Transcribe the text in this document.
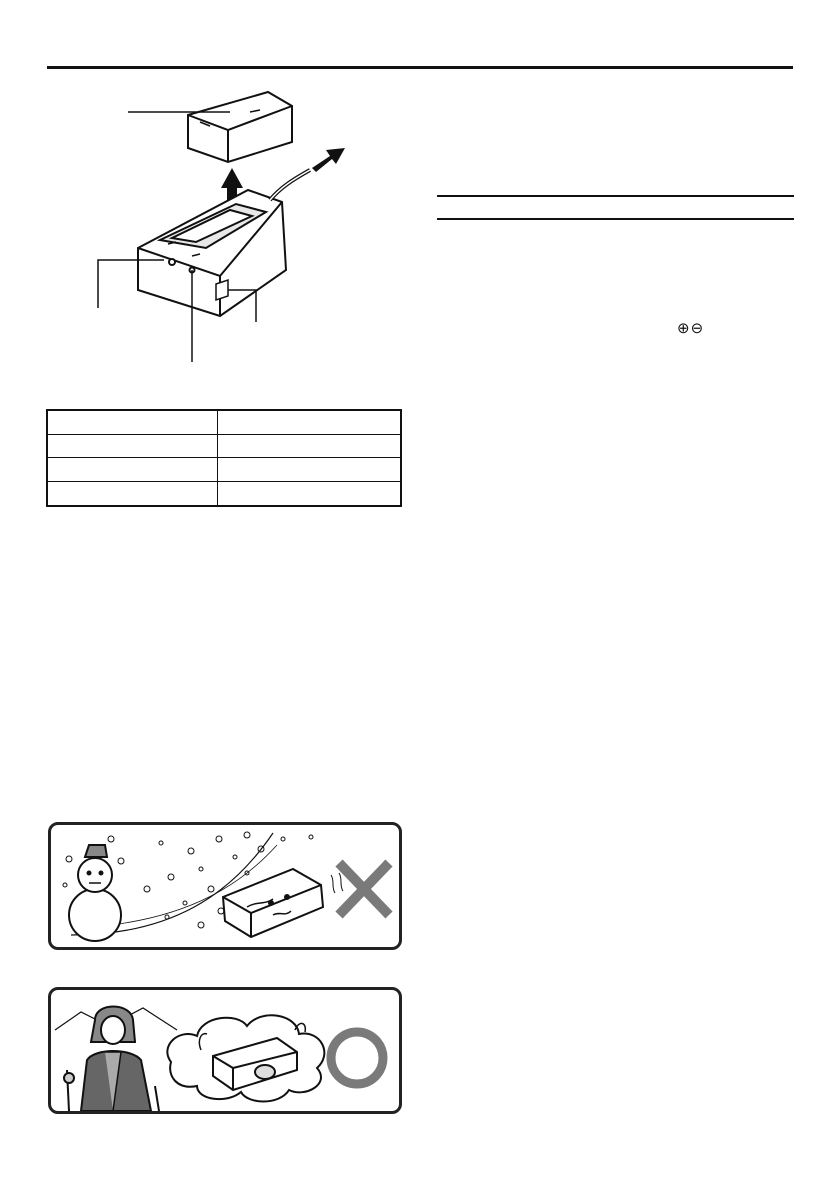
⊕⊖
